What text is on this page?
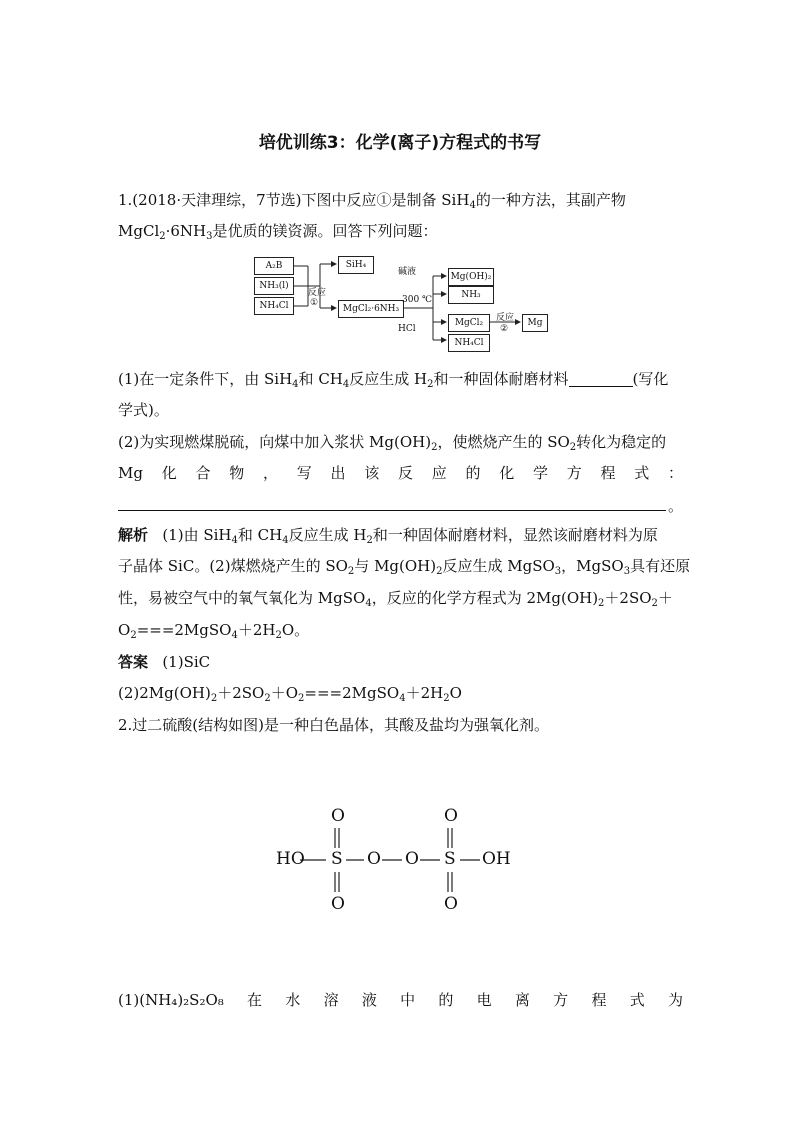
培优训练3：化学(离子)方程式的书写
1.(2018·天津理综，7节选)下图中反应①是制备 SiH$_4$的一种方法，其副产物
$MgCl_2\cdot 6NH_3$是优质的镁资源。回答下列问题：
A₂B
NH₃(l)
NH₄Cl
反应
①
SiH₄
MgCl₂·6NH₃
碱液
300 ℃
HCl
Mg(OH)₂
NH₃
MgCl₂
NH₄Cl
反应
②
Mg
(1)在一定条件下，由 SiH$_4$和 $CH_4$反应生成 $H_2$和一种固体耐磨材料	(写化
学式)。
(2)为实现燃煤脱硫，向煤中加入浆状 $Mg(OH)_2$，使燃烧产生的 $SO_2$转化为稳定的
Mg 化 合 物 ， 写 出 该 反 应 的 化 学 方 程 式 ：
。
解析 (1)由 SiH$_4$和 $CH_4$反应生成 $H_2$和一种固体耐磨材料，显然该耐磨材料为原
子晶体 SiC。(2)煤燃烧产生的 $SO_2$与 $Mg(OH)_2$反应生成 MgSO$_3$，MgSO$_3$具有还原
性，易被空气中的氧气氧化为 MgSO$_4$，反应的化学方程式为 $2Mg(OH)_2+2SO_2+$
$O_2===2MgSO_4+2H_2O$。
答案 (1)SiC
$(2)2Mg(OH)_2+2SO_2+O_2===2MgSO_4+2H_2O$
2.过二硫酸(结构如图)是一种白色晶体，其酸及盐均为强氧化剂。
HO S O O S OH
O
O
O
O
(1)(NH₄)₂S₂O₈ 在 水 溶 液 中 的 电 离 方 程 式 为
